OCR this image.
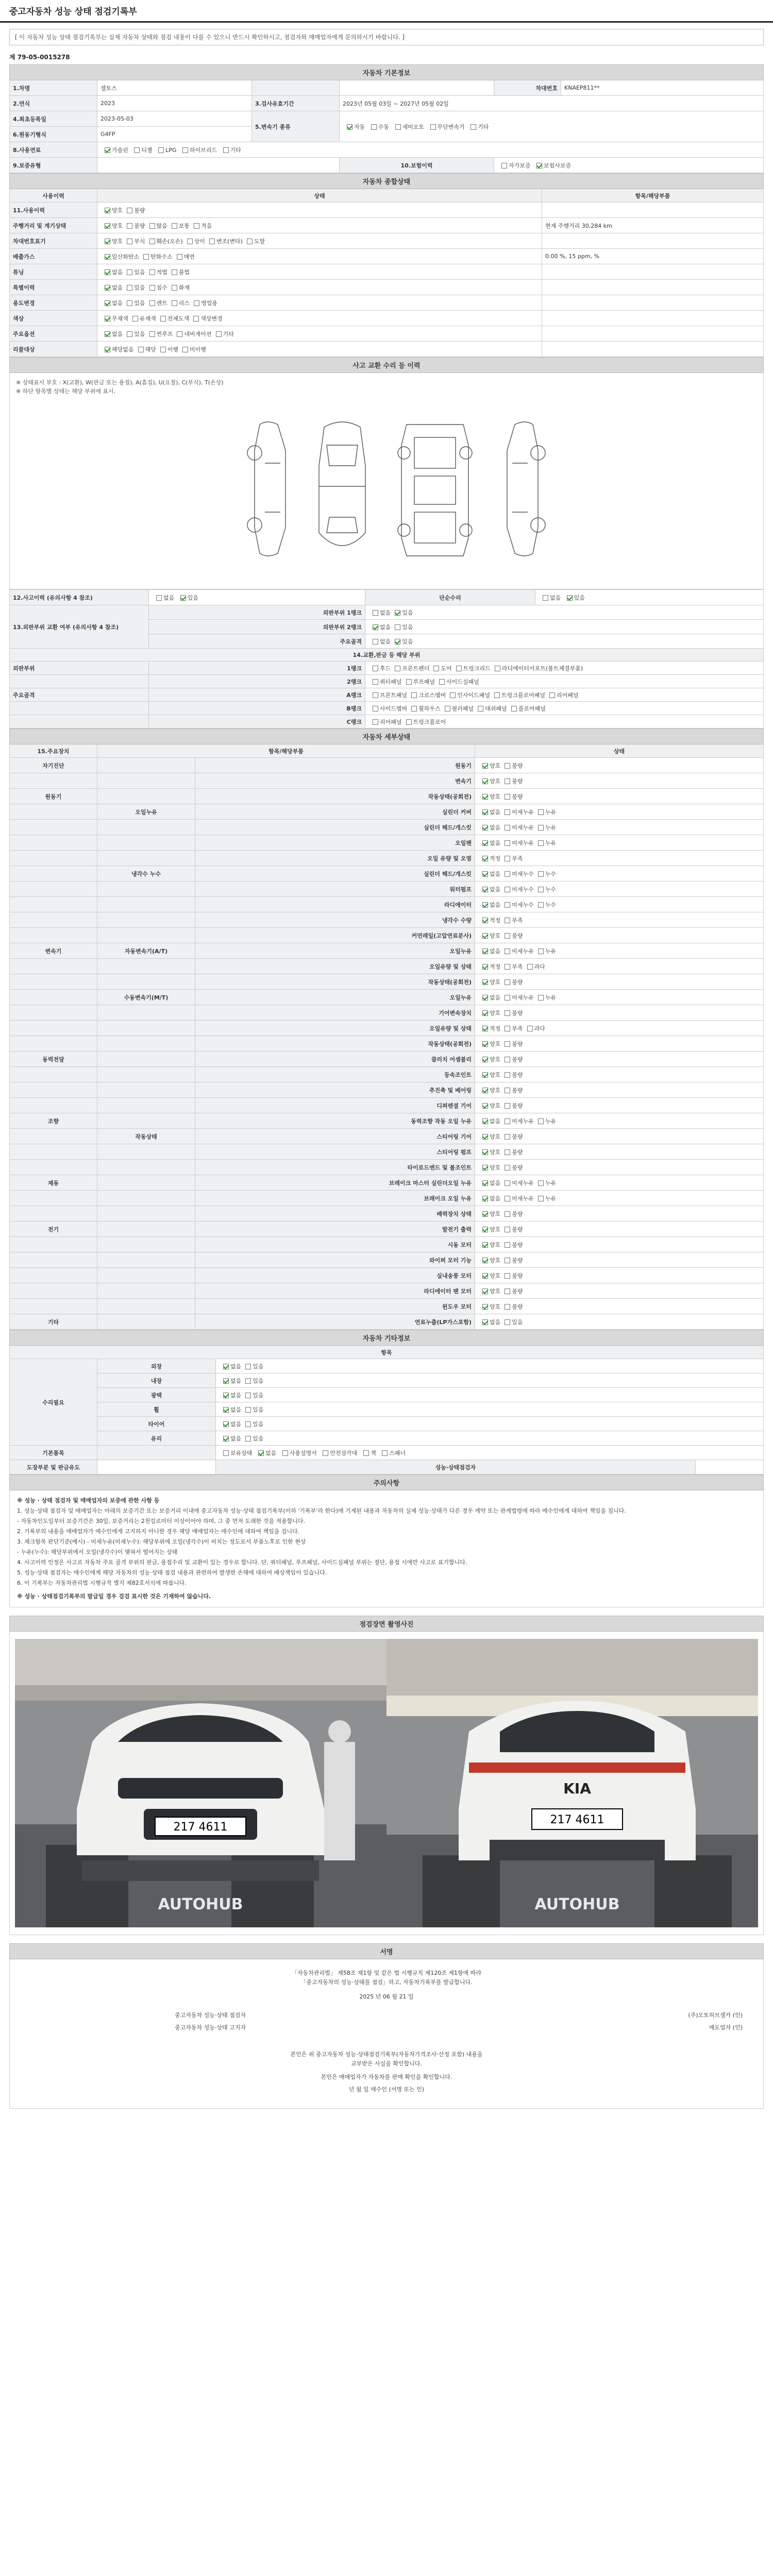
중고자동차 성능 상태 점검기록부
[ 이 자동차 성능 상태 점검기록부는 실제 자동차 상태와 점검 내용이 다를 수 있으니 반드시 확인하시고, 점검자와 매매업자에게 문의하시기 바랍니다. ]
제 79-05-0015278
자동차 기본정보					
1.차명	셀토스			차대번호	KNAEP811**
2.연식	2023	3.검사유효기간	2023년 05월 03일 ~ 2027년 05월 02일		
4.최초등록일	2023-05-03	5.변속기 종류	자동 수동 세미오토 무단변속기 기타		
6.원동기형식	G4FP				
8.사용연료	가솔린 디젤 LPG 하이브리드 기타				
9.보증유형			10.보험이력	자가보증 보험사보증	
자동차 종합상태		
사용이력	상태	항목/해당부품
11.사용이력	양호 불량	
주행거리 및 계기상태	양호 불량 많음 보통 적음	현재 주행거리 30,284 km
차대번호표기	양호 부식 훼손(오손) 상이 변조(변타) 도말	
배출가스	일산화탄소 탄화수소 매연	0.00 %, 15 ppm, %
튜닝	없음 있음 적법 불법	
특별이력	없음 있음 침수 화재	
용도변경	없음 있음 렌트 리스 영업용	
색상	무채색 유채색 전체도색 색상변경	
주요옵션	없음 있음 썬루프 네비게이션 기타	
리콜대상	해당없음 해당 이행 미이행	
사고 교환 수리 등 이력
※ 상태표시 부호 : X(교환), W(판금 또는 용접), A(흠집), U(요철), C(부식), T(손상)
※ 하단 항목별 상태는 해당 부위에 표시.
12.사고이력 (유의사항 4 참조)	없음 있음	단순수리	없음 있음
13.외판부위 교환 여부 (유의사항 4 참조)	외판부위 1랭크	없음 있음	
	외판부위 2랭크	없음 있음	
	주요골격	없음 있음	
14.교환,판금 등 해당 부위			
외판부위	1랭크	후드 프론트펜더 도어 트렁크리드 라디에이터서포트(볼트체결부품)	
	2랭크	쿼터패널 루프패널 사이드실패널	
주요골격	A랭크	프론트패널 크로스멤버 인사이드패널 트렁크플로어패널 리어패널	
	B랭크	사이드멤버 휠하우스 필러패널 대쉬패널 플로어패널	
	C랭크	리어패널 트렁크플로어	
자동차 세부상태			
15.주요장치	항목/해당부품		상태
자기진단		원동기	양호 불량
		변속기	양호 불량
원동기		작동상태(공회전)	양호 불량
	오일누유	실린더 커버	없음 미세누유 누유
		실린더 헤드/개스킷	없음 미세누유 누유
		오일팬	없음 미세누유 누유
		오일 유량 및 오염	적정 부족
	냉각수 누수	실린더 헤드/개스킷	없음 미세누수 누수
		워터펌프	없음 미세누수 누수
		라디에이터	없음 미세누수 누수
		냉각수 수량	적정 부족
		커먼레일(고압연료분사)	양호 불량
변속기	자동변속기(A/T)	오일누유	없음 미세누유 누유
		오일유량 및 상태	적정 부족 과다
		작동상태(공회전)	양호 불량
	수동변속기(M/T)	오일누유	없음 미세누유 누유
		기어변속장치	양호 불량
		오일유량 및 상태	적정 부족 과다
		작동상태(공회전)	양호 불량
동력전달		클러치 어셈블리	양호 불량
		등속조인트	양호 불량
		추진축 및 베어링	양호 불량
		디퍼렌셜 기어	양호 불량
조향		동력조향 작동 오일 누유	없음 미세누유 누유
	작동상태	스티어링 기어	양호 불량
		스티어링 펌프	양호 불량
		타이로드엔드 및 볼조인트	양호 불량
제동		브레이크 마스터 실린더오일 누유	없음 미세누유 누유
		브레이크 오일 누유	없음 미세누유 누유
		배력장치 상태	양호 불량
전기		발전기 출력	양호 불량
		시동 모터	양호 불량
		와이퍼 모터 기능	양호 불량
		실내송풍 모터	양호 불량
		라디에이터 팬 모터	양호 불량
		윈도우 모터	양호 불량
기타		연료누출(LP가스포함)	없음 있음
자동차 기타정보			
항목			
수리필요	외장	없음 있음	
	내장	없음 있음	
	광택	없음 있음	
	휠	없음 있음	
	타이어	없음 있음	
	유리	없음 있음	
기본품목		보유상태 없음 사용설명서 안전삼각대 잭 스패너	
도장부분 및 판금유도		성능·상태점검자	
주의사항
※ 성능 · 상태 점검자 및 매매업자의 보증에 관한 사항 등
1. 성능·상태 점검자 및 매매업자는 아래의 보증기간 또는 보증거리 이내에 중고자동차 성능·상태 점검기록부(이하 '기록부'라 한다)에 기재된 내용과 자동차의 실제 성능·상태가 다른 경우 계약 또는 관계법령에 따라 매수인에게 대하여 책임을 집니다.
- 자동차인도일부터 보증기간은 30일, 보증거리는 2천킬로미터 이상이어야 하며, 그 중 먼저 도래한 것을 적용합니다.
2. 기록부의 내용을 매매업자가 매수인에게 고지하지 아니한 경우 해당 매매업자는 매수인에 대하여 책임을 집니다.
3. 체크항목 판단기준(예시) - 미세누유(미세누수): 해당부위에 오일(냉각수)이 비치는 정도로서 부품노후로 인한 현상
- 누유(누수): 해당부위에서 오일(냉각수)이 맺혀서 떨어지는 상태
4. 사고이력 인정은 사고로 자동차 주요 골격 부위의 판금, 용접수리 및 교환이 있는 경우로 합니다. 단, 쿼터패널, 루프패널, 사이드실패널 부위는 절단, 용접 시에만 사고로 표기합니다.
5. 성능·상태 점검자는 매수인에게 해당 자동차의 성능·상태 점검 내용과 관련하여 발생한 손해에 대하여 배상책임이 있습니다.
6. 이 기록부는 자동차관리법 시행규칙 별지 제82호서식에 따릅니다.
※ 성능 · 상태점검기록부의 발급일 경우 검검 표시한 것은 기재하여 않습니다.
점검장면 촬영사진
217 4611
AUTOHUB
KIA
217 4611
AUTOHUB
서명
「자동차관리법」 제58조 제1항 및 같은 법 시행규칙 제120조 제1항에 따라
「중고자동차의 성능·상태를 점검」하고, 자동차기록부를 발급합니다.
2025 년 06 월 21 일
중고자동차 성능·상태 점검자	(주)오토허브셀카 (인)
중고자동차 성능·상태 고지자	매도업자 (인)
본인은 위 중고자동차 성능·상태점검기록부(자동차가격조사·산정 포함) 내용을
교부받은 사실을 확인합니다.
본인은 매매업자가 자동차를 판매 확인을 확인합니다.
년 월 일 매수인 (서명 또는 인)
